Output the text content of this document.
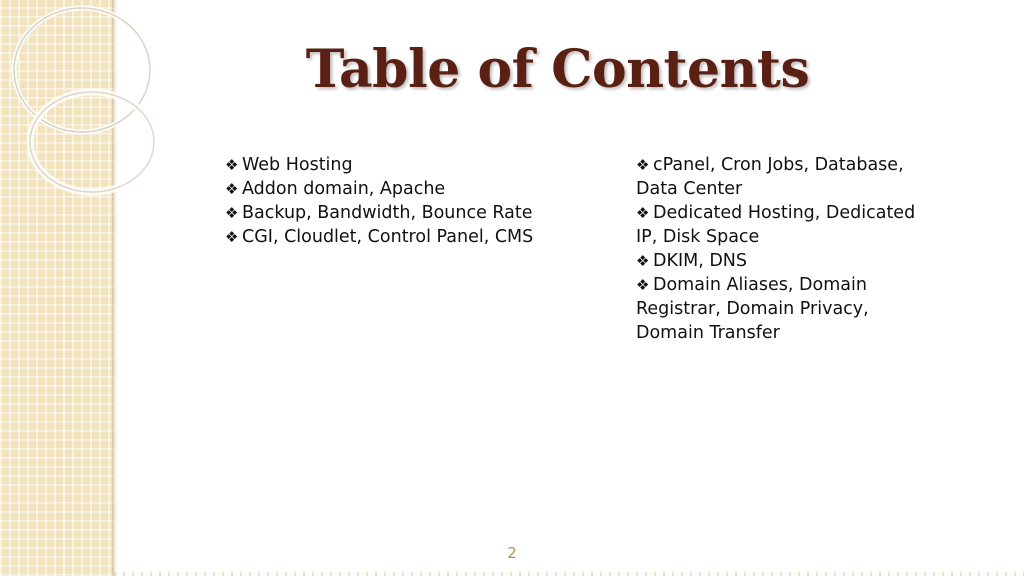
Table of Contents
❖ Web Hosting
❖ Addon domain, Apache
❖ Backup, Bandwidth, Bounce Rate
❖ CGI, Cloudlet, Control Panel, CMS
❖ cPanel, Cron Jobs, Database, Data Center
❖ Dedicated Hosting, Dedicated IP, Disk Space
❖ DKIM, DNS
❖ Domain Aliases, Domain Registrar, Domain Privacy, Domain Transfer
2
